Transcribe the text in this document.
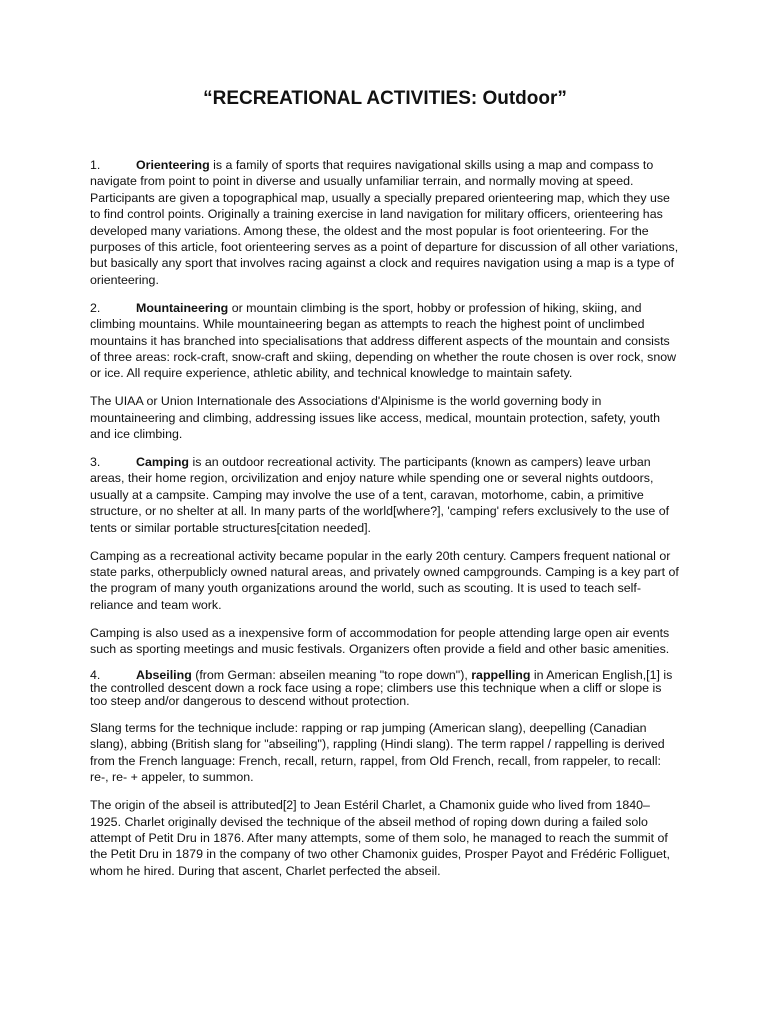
“RECREATIONAL ACTIVITIES: Outdoor”

1.	Orienteering is a family of sports that requires navigational skills using a map and compass to navigate from point to point in diverse and usually unfamiliar terrain, and normally moving at speed. Participants are given a topographical map, usually a specially prepared orienteering map, which they use to find control points. Originally a training exercise in land navigation for military officers, orienteering has developed many variations. Among these, the oldest and the most popular is foot orienteering. For the purposes of this article, foot orienteering serves as a point of departure for discussion of all other variations, but basically any sport that involves racing against a clock and requires navigation using a map is a type of orienteering.

2.	Mountaineering or mountain climbing is the sport, hobby or profession of hiking, skiing, and climbing mountains. While mountaineering began as attempts to reach the highest point of unclimbed mountains it has branched into specialisations that address different aspects of the mountain and consists of three areas: rock-craft, snow-craft and skiing, depending on whether the route chosen is over rock, snow or ice. All require experience, athletic ability, and technical knowledge to maintain safety.

The UIAA or Union Internationale des Associations d'Alpinisme is the world governing body in mountaineering and climbing, addressing issues like access, medical, mountain protection, safety, youth and ice climbing.

3.	Camping is an outdoor recreational activity. The participants (known as campers) leave urban areas, their home region, orcivilization and enjoy nature while spending one or several nights outdoors, usually at a campsite. Camping may involve the use of a tent, caravan, motorhome, cabin, a primitive structure, or no shelter at all. In many parts of the world[where?], 'camping' refers exclusively to the use of tents or similar portable structures[citation needed].

Camping as a recreational activity became popular in the early 20th century. Campers frequent national or state parks, otherpublicly owned natural areas, and privately owned campgrounds. Camping is a key part of the program of many youth organizations around the world, such as scouting. It is used to teach self-reliance and team work.

Camping is also used as a inexpensive form of accommodation for people attending large open air events such as sporting meetings and music festivals. Organizers often provide a field and other basic amenities.

4.	Abseiling (from German: abseilen meaning "to rope down"), rappelling in American English,[1] is the controlled descent down a rock face using a rope; climbers use this technique when a cliff or slope is too steep and/or dangerous to descend without protection.

Slang terms for the technique include: rapping or rap jumping (American slang), deepelling (Canadian slang), abbing (British slang for "abseiling"), rappling (Hindi slang). The term rappel / rappelling is derived from the French language: French, recall, return, rappel, from Old French, recall, from rappeler, to recall: re-, re- + appeler, to summon.

The origin of the abseil is attributed[2] to Jean Estéril Charlet, a Chamonix guide who lived from 1840–1925. Charlet originally devised the technique of the abseil method of roping down during a failed solo attempt of Petit Dru in 1876. After many attempts, some of them solo, he managed to reach the summit of the Petit Dru in 1879 in the company of two other Chamonix guides, Prosper Payot and Frédéric Folliguet, whom he hired. During that ascent, Charlet perfected the abseil.
